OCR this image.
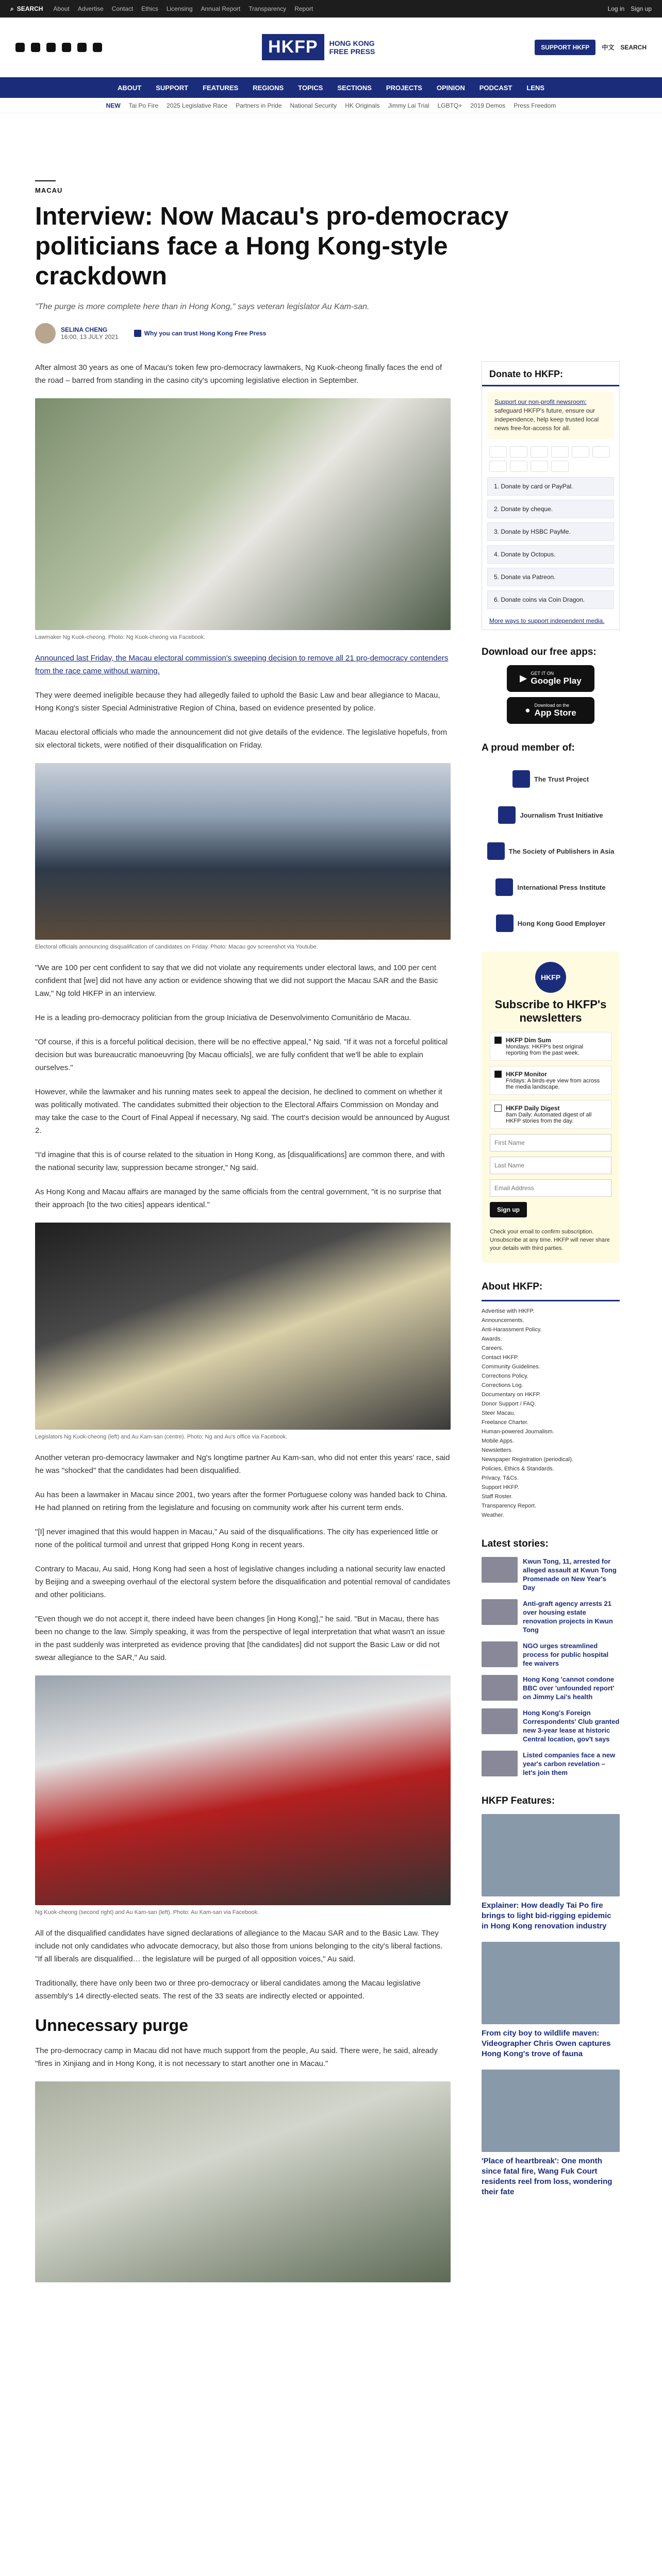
⌕ SEARCH About Advertise Contact Ethics Licensing Annual Report Transparency Report	Log in Sign up
HKFP	HONG KONG
FREE PRESS	SUPPORT HKFP	中文 SEARCH
ABOUT SUPPORT FEATURES REGIONS TOPICS SECTIONS PROJECTS OPINION PODCAST LENS
NEW Tai Po Fire 2025 Legislative Race Partners in Pride National Security HK Originals Jimmy Lai Trial LGBTQ+ 2019 Demos Press Freedom
MACAU
Interview: Now Macau's pro-democracy politicians face a Hong Kong-style crackdown
"The purge is more complete here than in Hong Kong," says veteran legislator Au Kam-san.
SELINA CHENG
16:00, 13 JULY 2021	Why you can trust Hong Kong Free Press

After almost 30 years as one of Macau's token few pro-democracy lawmakers, Ng Kuok-cheong finally faces the end of the road – barred from standing in the casino city's upcoming legislative election in September.

Lawmaker Ng Kuok-cheong. Photo: Ng Kuok-cheong via Facebook.

Announced last Friday, the Macau electoral commission's sweeping decision to remove all 21 pro-democracy contenders from the race came without warning.

They were deemed ineligible because they had allegedly failed to uphold the Basic Law and bear allegiance to Macau, Hong Kong's sister Special Administrative Region of China, based on evidence presented by police.

Macau electoral officials who made the announcement did not give details of the evidence. The legislative hopefuls, from six electoral tickets, were notified of their disqualification on Friday.

Electoral officials announcing disqualification of candidates on Friday. Photo: Macau gov screenshot via Youtube.

"We are 100 per cent confident to say that we did not violate any requirements under electoral laws, and 100 per cent confident that [we] did not have any action or evidence showing that we did not support the Macau SAR and the Basic Law," Ng told HKFP in an interview.

He is a leading pro-democracy politician from the group Iniciativa de Desenvolvimento Comunitário de Macau.

"Of course, if this is a forceful political decision, there will be no effective appeal," Ng said. "If it was not a forceful political decision but was bureaucratic manoeuvring [by Macau officials], we are fully confident that we'll be able to explain ourselves."

However, while the lawmaker and his running mates seek to appeal the decision, he declined to comment on whether it was politically motivated. The candidates submitted their objection to the Electoral Affairs Commission on Monday and may take the case to the Court of Final Appeal if necessary, Ng said. The court's decision would be announced by August 2.

"I'd imagine that this is of course related to the situation in Hong Kong, as [disqualifications] are common there, and with the national security law, suppression became stronger," Ng said.

As Hong Kong and Macau affairs are managed by the same officials from the central government, "it is no surprise that their approach [to the two cities] appears identical."

Legislators Ng Kuok-cheong (left) and Au Kam-san (centre). Photo: Ng and Au's office via Facebook.

Another veteran pro-democracy lawmaker and Ng's longtime partner Au Kam-san, who did not enter this years' race, said he was "shocked" that the candidates had been disqualified.

Au has been a lawmaker in Macau since 2001, two years after the former Portuguese colony was handed back to China. He had planned on retiring from the legislature and focusing on community work after his current term ends.

"[I] never imagined that this would happen in Macau," Au said of the disqualifications. The city has experienced little or none of the political turmoil and unrest that gripped Hong Kong in recent years.

Contrary to Macau, Au said, Hong Kong had seen a host of legislative changes including a national security law enacted by Beijing and a sweeping overhaul of the electoral system before the disqualification and potential removal of candidates and other politicians.

"Even though we do not accept it, there indeed have been changes [in Hong Kong]," he said. "But in Macau, there has been no change to the law. Simply speaking, it was from the perspective of legal interpretation that what wasn't an issue in the past suddenly was interpreted as evidence proving that [the candidates] did not support the Basic Law or did not swear allegiance to the SAR," Au said.

Ng Kuok-cheong (second right) and Au Kam-san (left). Photo: Au Kam-san via Facebook.

All of the disqualified candidates have signed declarations of allegiance to the Macau SAR and to the Basic Law. They include not only candidates who advocate democracy, but also those from unions belonging to the city's liberal factions. "If all liberals are disqualified… the legislature will be purged of all opposition voices," Au said.

Traditionally, there have only been two or three pro-democracy or liberal candidates among the Macau legislative assembly's 14 directly-elected seats. The rest of the 33 seats are indirectly elected or appointed.

Unnecessary purge

The pro-democracy camp in Macau did not have much support from the people, Au said. There were, he said, already "fires in Xinjiang and in Hong Kong, it is not necessary to start another one in Macau."

Donate to HKFP:
Support our non-profit newsroom: safeguard HKFP's future, ensure our independence, help keep trusted local news free-for-access for all.
1. Donate by card or PayPal.
2. Donate by cheque.
3. Donate by HSBC PayMe.
4. Donate by Octopus.
5. Donate via Patreon.
6. Donate coins via Coin Dragon.
More ways to support independent media.
Download our free apps:
▶ GET IT ON
Google Play
● Download on the
App Store
A proud member of:
The Trust Project
Journalism Trust Initiative
The Society of Publishers in Asia
International Press Institute
Hong Kong Good Employer
HKFP
Subscribe to HKFP's newsletters
HKFP Dim Sum
Mondays: HKFP's best original reporting from the past week.
HKFP Monitor
Fridays: A birds-eye view from across the media landscape.
HKFP Daily Digest
8am Daily: Automated digest of all HKFP stories from the day.
First Name Last Name Email Address Sign up
Check your email to confirm subscription. Unsubscribe at any time. HKFP will never share your details with third parties.
About HKFP:
Advertise with HKFP.
Announcements.
Anti-Harassment Policy.
Awards.
Careers.
Contact HKFP.
Community Guidelines.
Corrections Policy.
Corrections Log.
Documentary on HKFP.
Donor Support / FAQ.
Steer Macau.
Freelance Charter.
Human-powered Journalism.
Mobile Apps.
Newsletters.
Newspaper Registration (periodical).
Policies, Ethics & Standards.
Privacy, T&Cs.
Support HKFP.
Staff Roster.
Transparency Report.
Weather.
Latest stories:
Kwun Tong, 11, arrested for alleged assault at Kwun Tong Promenade on New Year's Day
Anti-graft agency arrests 21 over housing estate renovation projects in Kwun Tong
NGO urges streamlined process for public hospital fee waivers
Hong Kong 'cannot condone BBC over 'unfounded report' on Jimmy Lai's health
Hong Kong's Foreign Correspondents' Club granted new 3-year lease at historic Central location, gov't says
Listed companies face a new year's carbon revelation – let's join them
HKFP Features:
Explainer: How deadly Tai Po fire brings to light bid-rigging epidemic in Hong Kong renovation industry
From city boy to wildlife maven: Videographer Chris Owen captures Hong Kong's trove of fauna
'Place of heartbreak': One month since fatal fire, Wang Fuk Court residents reel from loss, wondering their fate
